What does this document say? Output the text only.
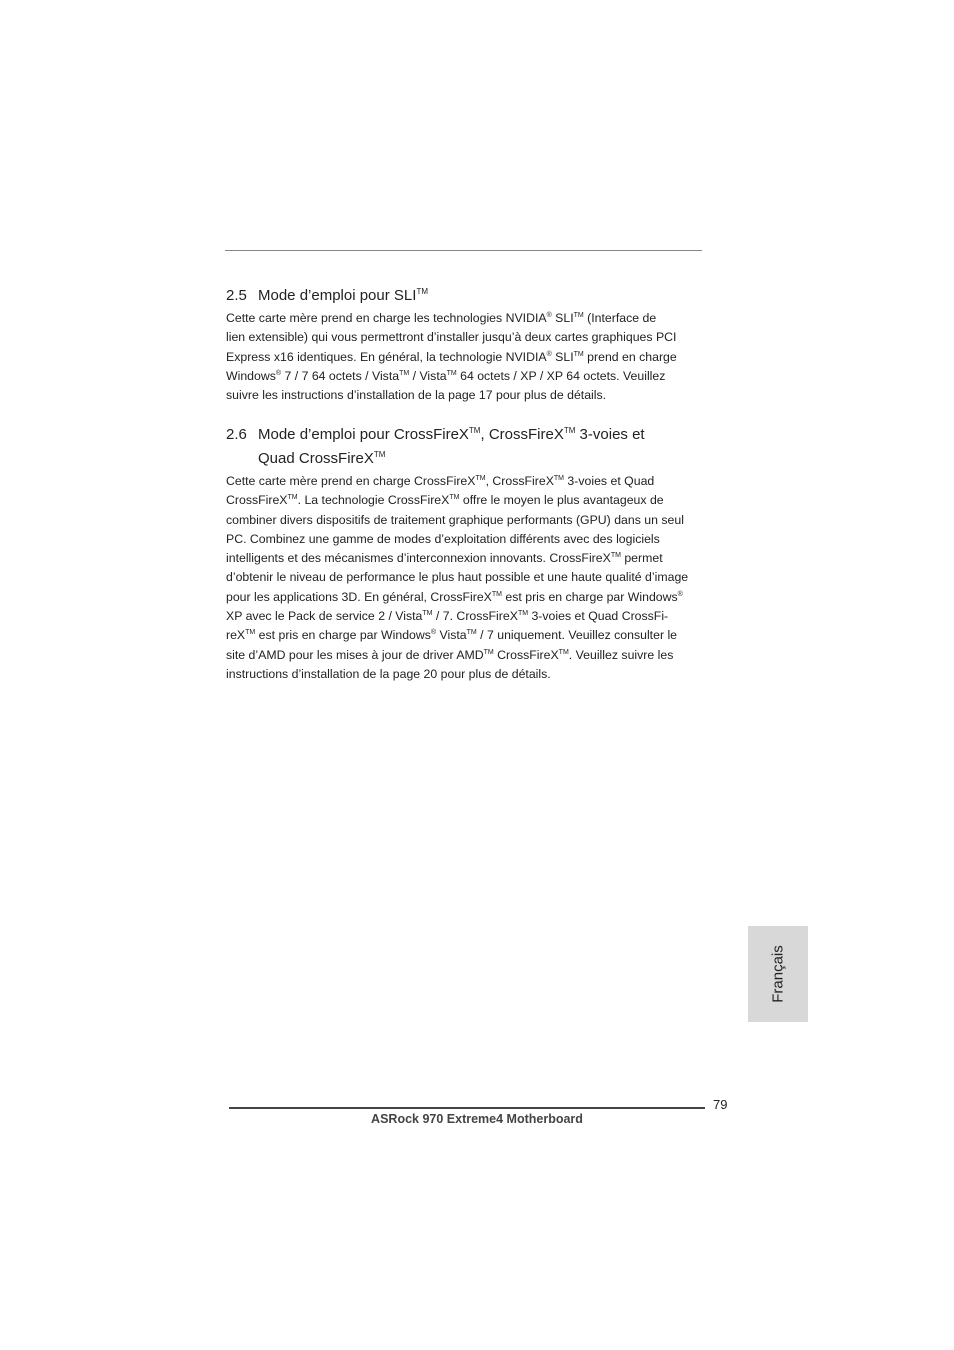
2.5 Mode d’emploi pour SLI™

Cette carte mère prend en charge les technologies NVIDIA® SLI™ (Interface de
lien extensible) qui vous permettront d’installer jusqu’à deux cartes graphiques PCI
Express x16 identiques. En général, la technologie NVIDIA® SLI™ prend en charge
Windows® 7 / 7 64 octets / Vista™ / Vista™ 64 octets / XP / XP 64 octets. Veuillez
suivre les instructions d’installation de la page 17 pour plus de détails.

2.6 Mode d’emploi pour CrossFireX™, CrossFireX™ 3-voies et
Quad CrossFireX™

Cette carte mère prend en charge CrossFireX™, CrossFireX™ 3-voies et Quad
CrossFireX™. La technologie CrossFireX™ offre le moyen le plus avantageux de
combiner divers dispositifs de traitement graphique performants (GPU) dans un seul
PC. Combinez une gamme de modes d’exploitation différents avec des logiciels
intelligents et des mécanismes d’interconnexion innovants. CrossFireX™ permet
d’obtenir le niveau de performance le plus haut possible et une haute qualité d’image
pour les applications 3D. En général, CrossFireX™ est pris en charge par Windows®
XP avec le Pack de service 2 / Vista™ / 7. CrossFireX™ 3-voies et Quad CrossFi-
reX™ est pris en charge par Windows® Vista™ / 7 uniquement. Veuillez consulter le
site d’AMD pour les mises à jour de driver AMD™ CrossFireX™. Veuillez suivre les
instructions d’installation de la page 20 pour plus de détails.

Français
79
ASRock 970 Extreme4 Motherboard
